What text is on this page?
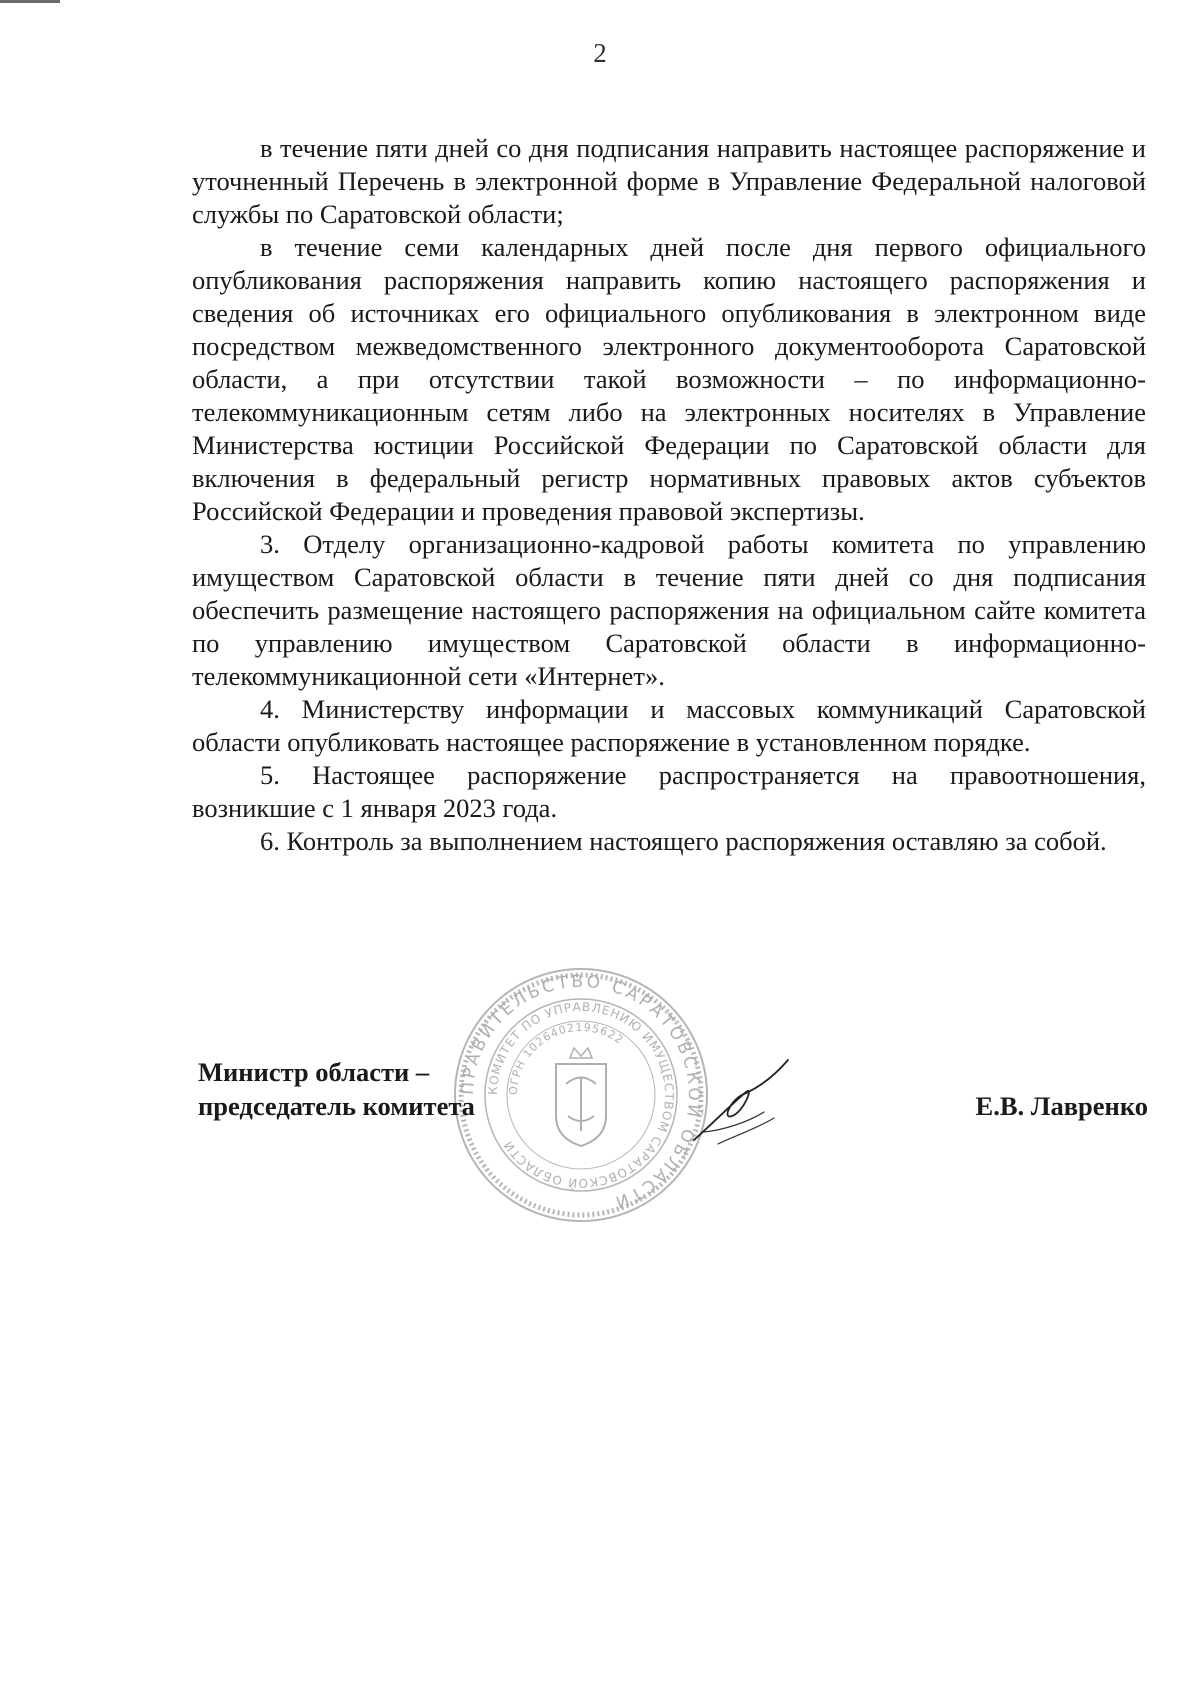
2

в течение пяти дней со дня подписания направить настоящее распоряжение и уточненный Перечень в электронной форме в Управление Федеральной налоговой службы по Саратовской области;

в течение семи календарных дней после дня первого официального опубликования распоряжения направить копию настоящего распоряжения и сведения об источниках его официального опубликования в электронном виде посредством межведомственного электронного документооборота Саратовской области, а при отсутствии такой возможности – по информационно-телекоммуникационным сетям либо на электронных носителях в Управление Министерства юстиции Российской Федерации по Саратовской области для включения в федеральный регистр нормативных правовых актов субъектов Российской Федерации и проведения правовой экспертизы.

3. Отделу организационно-кадровой работы комитета по управлению имуществом Саратовской области в течение пяти дней со дня подписания обеспечить размещение настоящего распоряжения на официальном сайте комитета по управлению имуществом Саратовской области в информационно-телекоммуникационной сети «Интернет».

4. Министерству информации и массовых коммуникаций Саратовской области опубликовать настоящее распоряжение в установленном порядке.

5. Настоящее распоряжение распространяется на правоотношения, возникшие с 1 января 2023 года.

6. Контроль за выполнением настоящего распоряжения оставляю за собой.

ПРАВИТЕЛЬСТВО САРАТОВСКОЙ ОБЛАСТИ
КОМИТЕТ ПО УПРАВЛЕНИЮ ИМУЩЕСТВОМ САРАТОВСКОЙ ОБЛАСТИ
ОГРН 1026402195622
Министр области –
председатель комитета	Е.В. Лавренко
